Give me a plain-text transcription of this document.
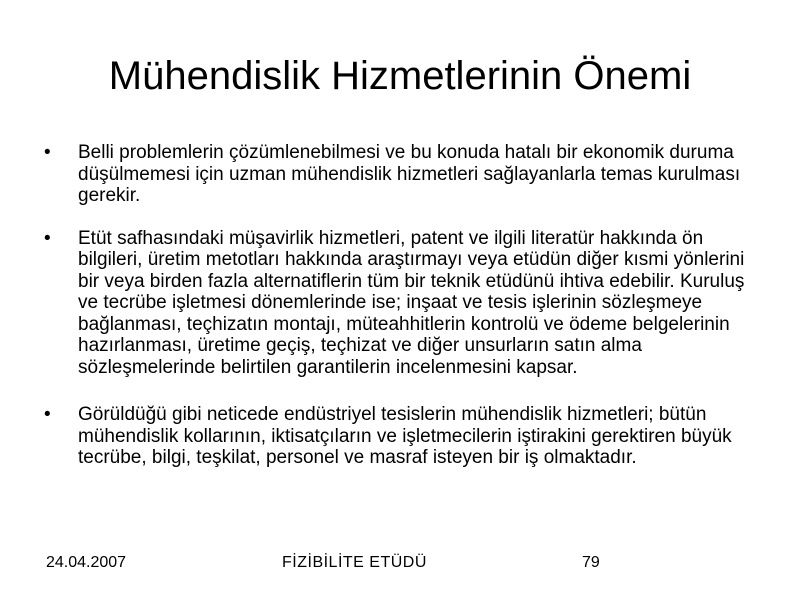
Mühendislik Hizmetlerinin Önemi
• Belli problemlerin çözümlenebilmesi ve bu konuda hatalı bir ekonomik duruma düşülmemesi için uzman mühendislik hizmetleri sağlayanlarla temas kurulması gerekir.
• Etüt safhasındaki müşavirlik hizmetleri, patent ve ilgili literatür hakkında ön bilgileri, üretim metotları hakkında araştırmayı veya etüdün diğer kısmi yönlerini bir veya birden fazla alternatiflerin tüm bir teknik etüdünü ihtiva edebilir. Kuruluş ve tecrübe işletmesi dönemlerinde ise; inşaat ve tesis işlerinin sözleşmeye bağlanması, teçhizatın montajı, müteahhitlerin kontrolü ve ödeme belgelerinin hazırlanması, üretime geçiş, teçhizat ve diğer unsurların satın alma sözleşmelerinde belirtilen garantilerin incelenmesini kapsar.
• Görüldüğü gibi neticede endüstriyel tesislerin mühendislik hizmetleri; bütün mühendislik kollarının, iktisatçıların ve işletmecilerin iştirakini gerektiren büyük tecrübe, bilgi, teşkilat, personel ve masraf isteyen bir iş olmaktadır.
24.04.2007	FİZİBİLİTE ETÜDÜ	79
